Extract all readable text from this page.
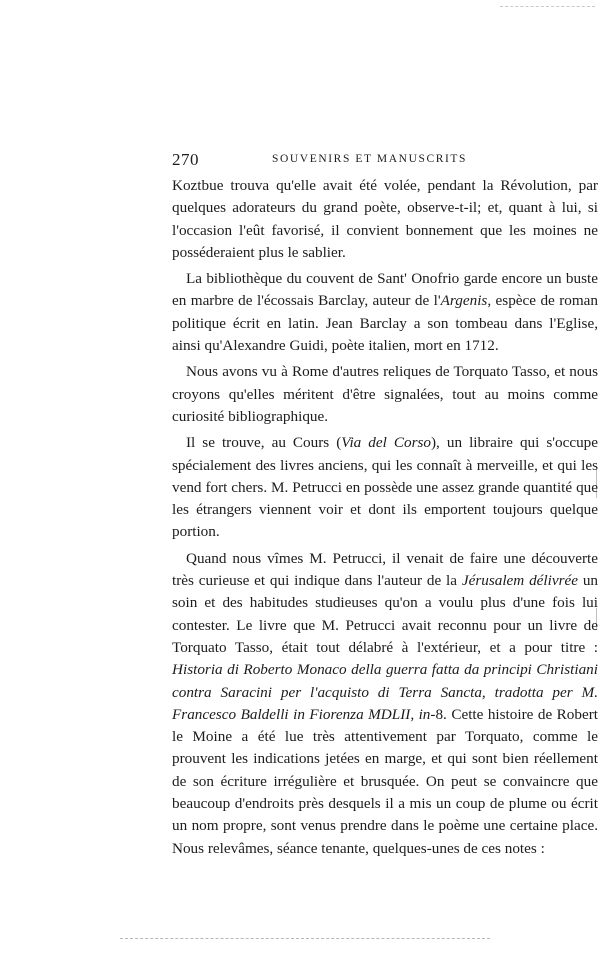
270	SOUVENIRS ET MANUSCRITS

Koztbue trouva qu'elle avait été volée, pendant la Révolution, par quelques adorateurs du grand poète, observe-t-il; et, quant à lui, si l'occasion l'eût favorisé, il convient bonnement que les moines ne posséderaient plus le sablier.

La bibliothèque du couvent de Sant' Onofrio garde encore un buste en marbre de l'écossais Barclay, auteur de l'Argenis, espèce de roman politique écrit en latin. Jean Barclay a son tombeau dans l'Eglise, ainsi qu'Alexandre Guidi, poète italien, mort en 1712.

Nous avons vu à Rome d'autres reliques de Torquato Tasso, et nous croyons qu'elles méritent d'être signalées, tout au moins comme curiosité bibliographique.

Il se trouve, au Cours (Via del Corso), un libraire qui s'occupe spécialement des livres anciens, qui les connaît à merveille, et qui les vend fort chers. M. Petrucci en possède une assez grande quantité que les étrangers viennent voir et dont ils emportent toujours quelque portion.

Quand nous vîmes M. Petrucci, il venait de faire une découverte très curieuse et qui indique dans l'auteur de la Jérusalem délivrée un soin et des habitudes studieuses qu'on a voulu plus d'une fois lui contester. Le livre que M. Petrucci avait reconnu pour un livre de Torquato Tasso, était tout délabré à l'extérieur, et a pour titre : Historia di Roberto Monaco della guerra fatta da principi Christiani contra Saracini per l'acquisto di Terra Sancta, tradotta per M. Francesco Baldelli in Fiorenza MDLII, in-8. Cette histoire de Robert le Moine a été lue très attentivement par Torquato, comme le prouvent les indications jetées en marge, et qui sont bien réellement de son écriture irrégulière et brusquée. On peut se convaincre que beaucoup d'endroits près desquels il a mis un coup de plume ou écrit un nom propre, sont venus prendre dans le poème une certaine place. Nous relevâmes, séance tenante, quelques-unes de ces notes :
